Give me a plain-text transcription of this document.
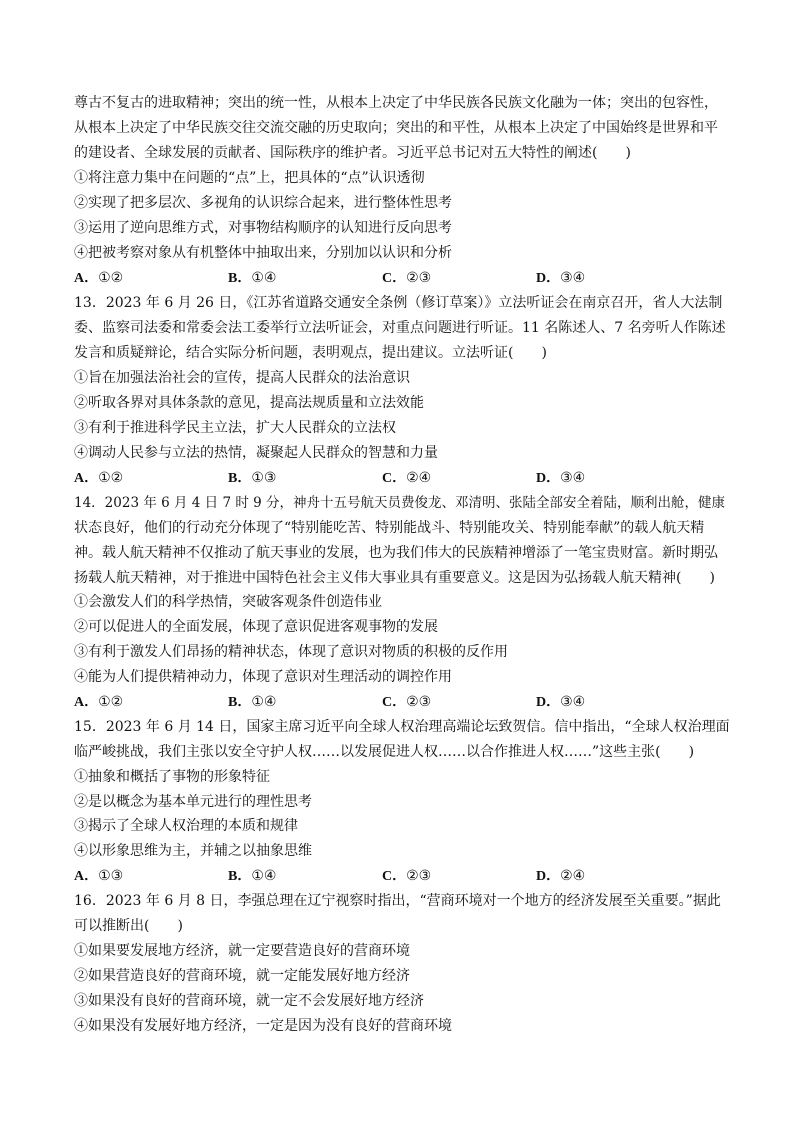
尊古不复古的进取精神；突出的统一性，从根本上决定了中华民族各民族文化融为一体；突出的包容性，
从根本上决定了中华民族交往交流交融的历史取向；突出的和平性，从根本上决定了中国始终是世界和平
的建设者、全球发展的贡献者、国际秩序的维护者。习近平总书记对五大特性的阐述(　　)
①将注意力集中在问题的“点”上，把具体的“点”认识透彻
②实现了把多层次、多视角的认识综合起来，进行整体性思考
③运用了逆向思维方式，对事物结构顺序的认知进行反向思考
④把被考察对象从有机整体中抽取出来，分别加以认识和分析
A．①②	B．①④	C．②③	D．③④
13．2023 年 6 月 26 日，《江苏省道路交通安全条例（修订草案）》立法听证会在南京召开，省人大法制
委、监察司法委和常委会法工委举行立法听证会，对重点问题进行听证。11 名陈述人、7 名旁听人作陈述
发言和质疑辩论，结合实际分析问题，表明观点，提出建议。立法听证(　　)
①旨在加强法治社会的宣传，提高人民群众的法治意识
②听取各界对具体条款的意见，提高法规质量和立法效能
③有利于推进科学民主立法，扩大人民群众的立法权
④调动人民参与立法的热情，凝聚起人民群众的智慧和力量
A．①②	B．①③	C．②④	D．③④
14．2023 年 6 月 4 日 7 时 9 分，神舟十五号航天员费俊龙、邓清明、张陆全部安全着陆，顺利出舱，健康
状态良好，他们的行动充分体现了“特别能吃苦、特别能战斗、特别能攻关、特别能奉献”的载人航天精
神。载人航天精神不仅推动了航天事业的发展，也为我们伟大的民族精神增添了一笔宝贵财富。新时期弘
扬载人航天精神，对于推进中国特色社会主义伟大事业具有重要意义。这是因为弘扬载人航天精神(　　)
①会激发人们的科学热情，突破客观条件创造伟业
②可以促进人的全面发展，体现了意识促进客观事物的发展
③有利于激发人们昂扬的精神状态，体现了意识对物质的积极的反作用
④能为人们提供精神动力，体现了意识对生理活动的调控作用
A．①②	B．①④	C．②③	D．③④
15．2023 年 6 月 14 日，国家主席习近平向全球人权治理高端论坛致贺信。信中指出，“全球人权治理面
临严峻挑战，我们主张以安全守护人权……以发展促进人权……以合作推进人权……”这些主张(　　)
①抽象和概括了事物的形象特征
②是以概念为基本单元进行的理性思考
③揭示了全球人权治理的本质和规律
④以形象思维为主，并辅之以抽象思维
A．①③	B．①④	C．②③	D．②④
16．2023 年 6 月 8 日，李强总理在辽宁视察时指出，“营商环境对一个地方的经济发展至关重要。”据此
可以推断出(　　)
①如果要发展地方经济，就一定要营造良好的营商环境
②如果营造良好的营商环境，就一定能发展好地方经济
③如果没有良好的营商环境，就一定不会发展好地方经济
④如果没有发展好地方经济，一定是因为没有良好的营商环境
